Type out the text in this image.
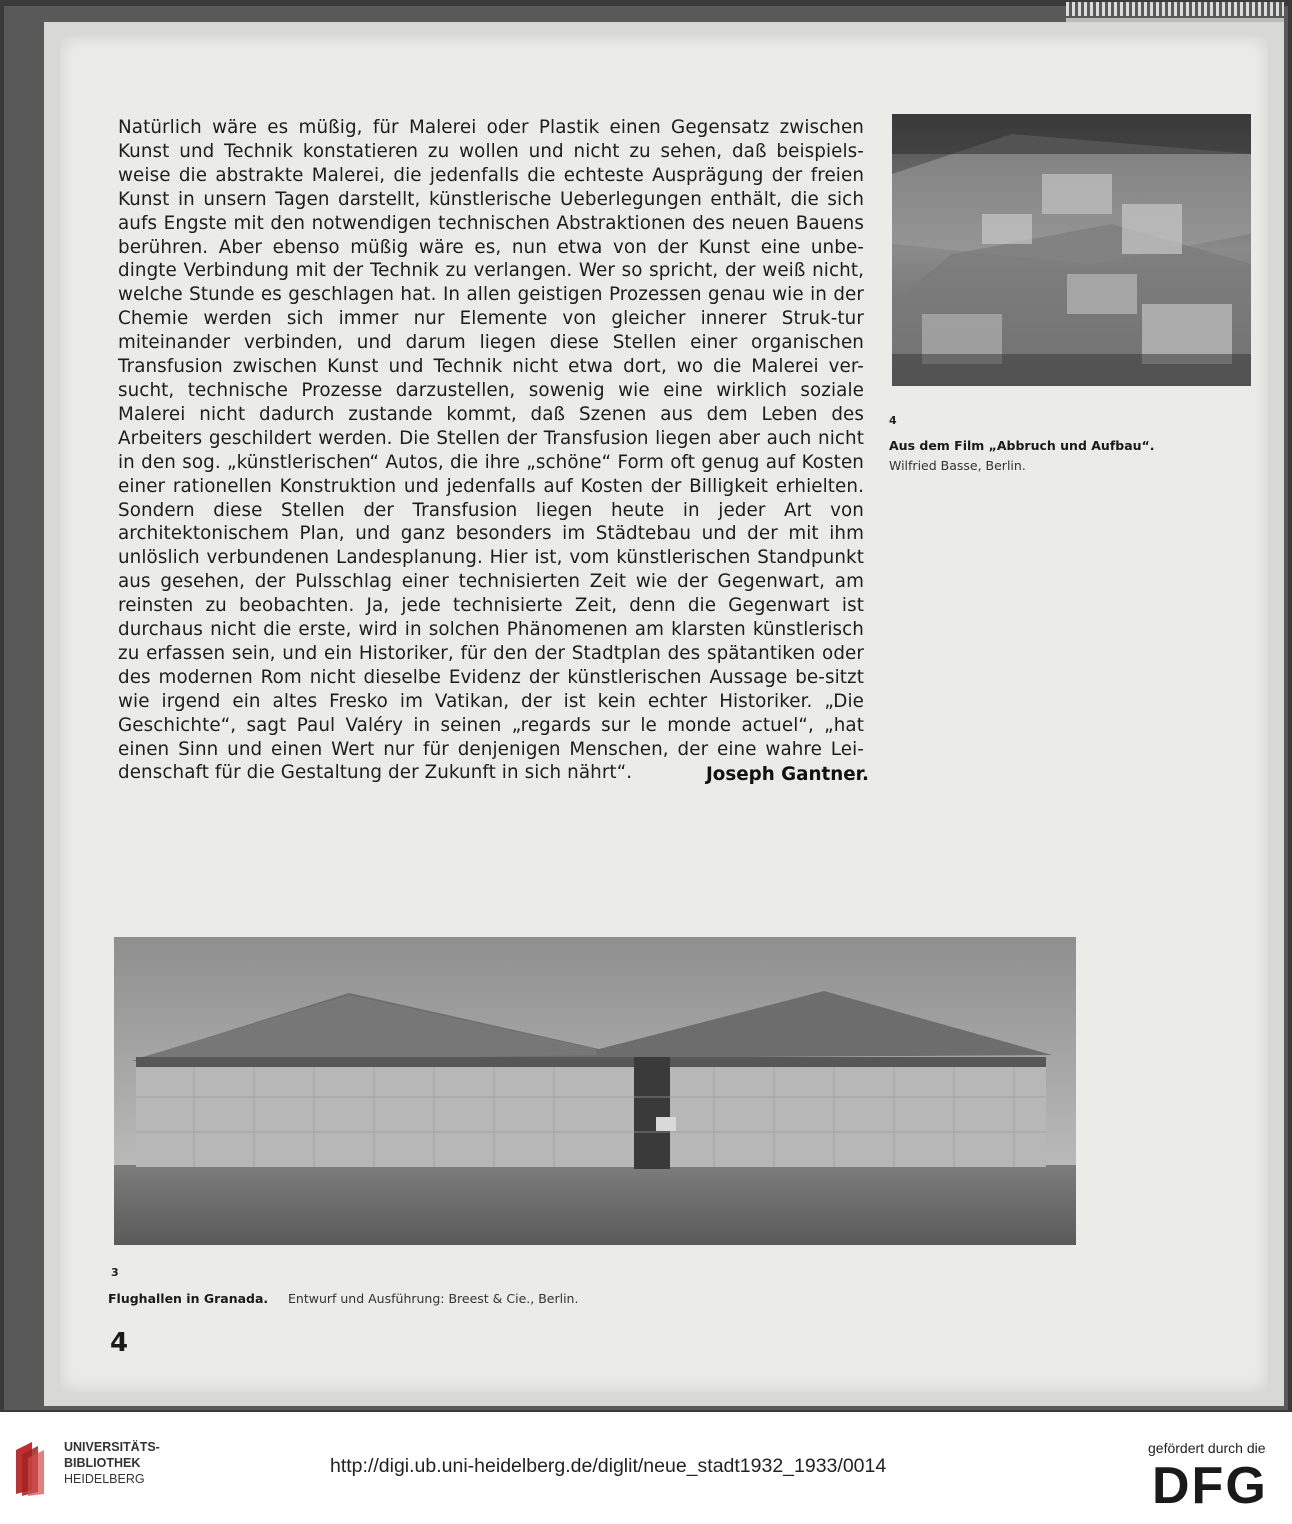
Natürlich wäre es müßig, für Malerei oder Plastik einen Gegensatz zwischen Kunst und Technik konstatieren zu wollen und nicht zu sehen, daß beispiels-weise die abstrakte Malerei, die jedenfalls die echteste Ausprägung der freien Kunst in unsern Tagen darstellt, künstlerische Ueberlegungen enthält, die sich aufs Engste mit den notwendigen technischen Abstraktionen des neuen Bauens berühren. Aber ebenso müßig wäre es, nun etwa von der Kunst eine unbe-dingte Verbindung mit der Technik zu verlangen. Wer so spricht, der weiß nicht, welche Stunde es geschlagen hat. In allen geistigen Prozessen genau wie in der Chemie werden sich immer nur Elemente von gleicher innerer Struk-tur miteinander verbinden, und darum liegen diese Stellen einer organischen Transfusion zwischen Kunst und Technik nicht etwa dort, wo die Malerei ver-sucht, technische Prozesse darzustellen, sowenig wie eine wirklich soziale Malerei nicht dadurch zustande kommt, daß Szenen aus dem Leben des Arbeiters geschildert werden. Die Stellen der Transfusion liegen aber auch nicht in den sog. „künstlerischen“ Autos, die ihre „schöne“ Form oft genug auf Kosten einer rationellen Konstruktion und jedenfalls auf Kosten der Billigkeit erhielten. Sondern diese Stellen der Transfusion liegen heute in jeder Art von architektonischem Plan, und ganz besonders im Städtebau und der mit ihm unlöslich verbundenen Landesplanung. Hier ist, vom künstlerischen Standpunkt aus gesehen, der Pulsschlag einer technisierten Zeit wie der Gegenwart, am reinsten zu beobachten. Ja, jede technisierte Zeit, denn die Gegenwart ist durchaus nicht die erste, wird in solchen Phänomenen am klarsten künstlerisch zu erfassen sein, und ein Historiker, für den der Stadtplan des spätantiken oder des modernen Rom nicht dieselbe Evidenz der künstlerischen Aussage be-sitzt wie irgend ein altes Fresko im Vatikan, der ist kein echter Historiker. „Die Geschichte“, sagt Paul Valéry in seinen „regards sur le monde actuel“, „hat einen Sinn und einen Wert nur für denjenigen Menschen, der eine wahre Lei-denschaft für die Gestaltung der Zukunft in sich nährt“.	Joseph Gantner.
4
Aus dem Film „Abbruch und Aufbau“.
Wilfried Basse, Berlin.
3
Flughallen in Granada. Entwurf und Ausführung: Breest & Cie., Berlin.
4
UNIVERSITÄTS-
BIBLIOTHEK
HEIDELBERG
http://digi.ub.uni-heidelberg.de/diglit/neue_stadt1932_1933/0014
gefördert durch die
DFG
